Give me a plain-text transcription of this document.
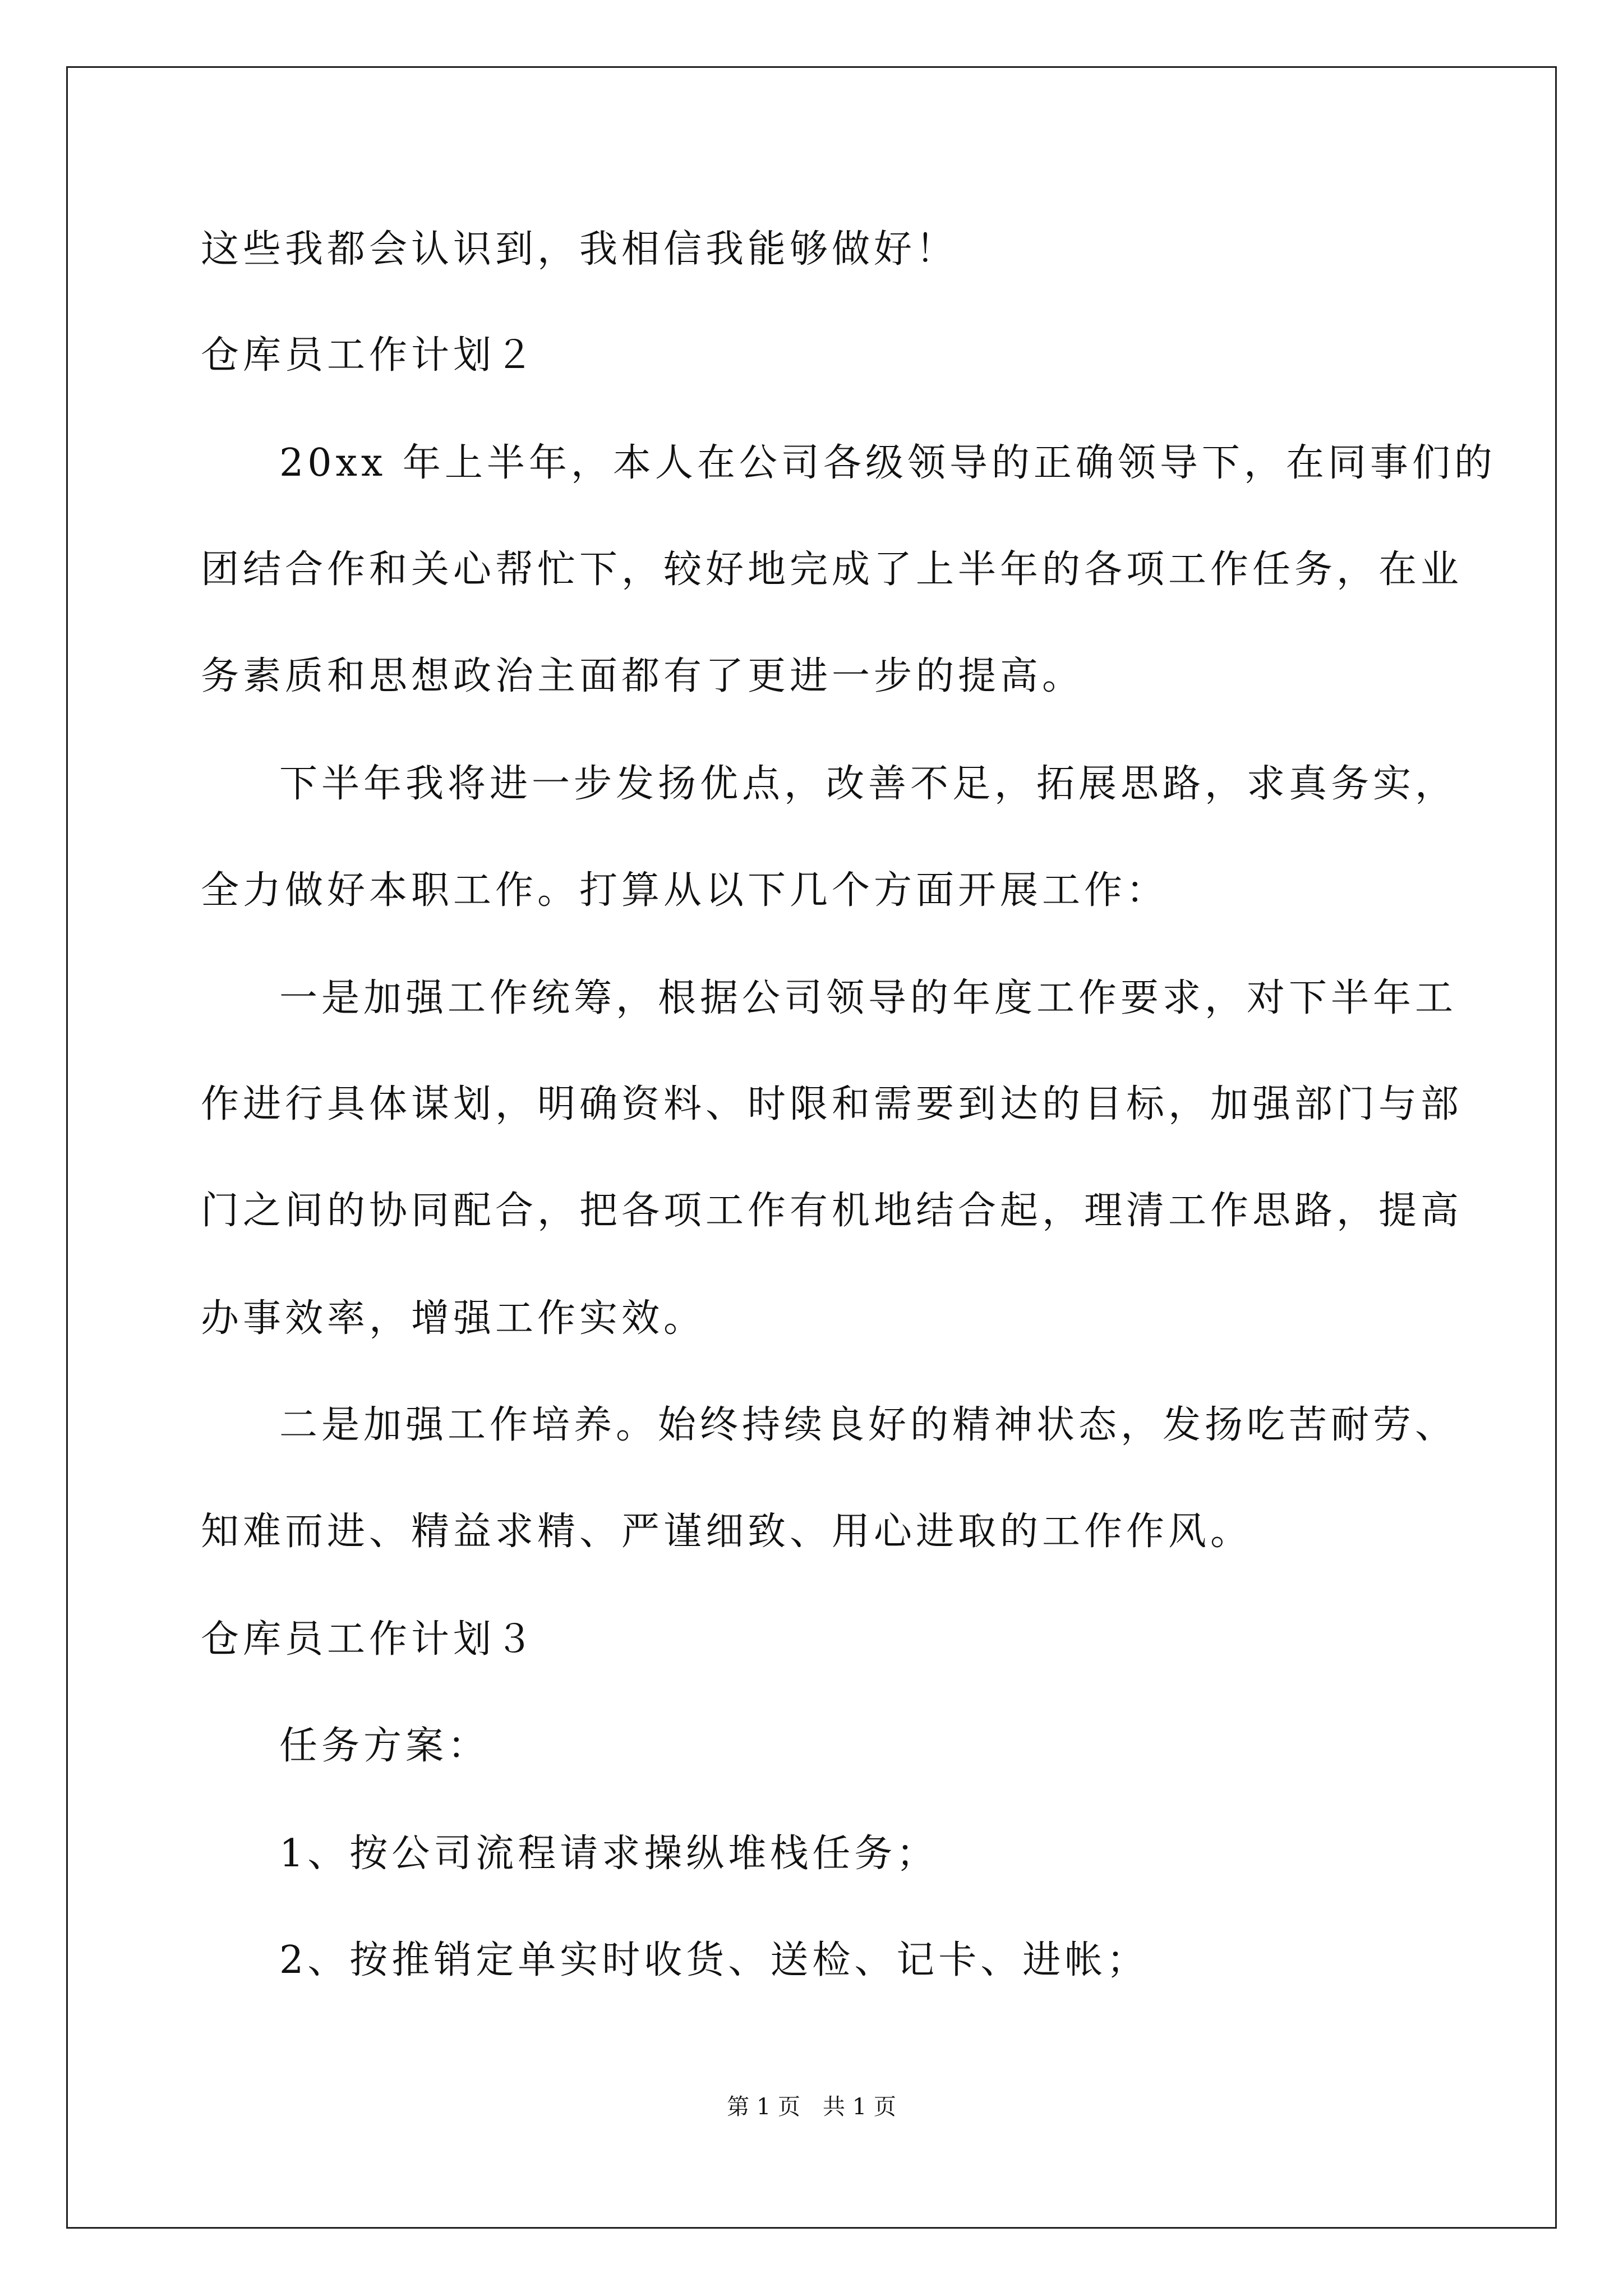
这些我都会认识到，我相信我能够做好！
仓库员工作计划２
20xx 年上半年，本人在公司各级领导的正确领导下，在同事们的
团结合作和关心帮忙下，较好地完成了上半年的各项工作任务，在业
务素质和思想政治主面都有了更进一步的提高。
下半年我将进一步发扬优点，改善不足，拓展思路，求真务实，
全力做好本职工作。打算从以下几个方面开展工作：
一是加强工作统筹，根据公司领导的年度工作要求，对下半年工
作进行具体谋划，明确资料、时限和需要到达的目标，加强部门与部
门之间的协同配合，把各项工作有机地结合起，理清工作思路，提高
办事效率，增强工作实效。
二是加强工作培养。始终持续良好的精神状态，发扬吃苦耐劳、
知难而进、精益求精、严谨细致、用心进取的工作作风。
仓库员工作计划３
任务方案：
1、按公司流程请求操纵堆栈任务；
2、按推销定单实时收货、送检、记卡、进帐；
第 1 页　共 1 页
